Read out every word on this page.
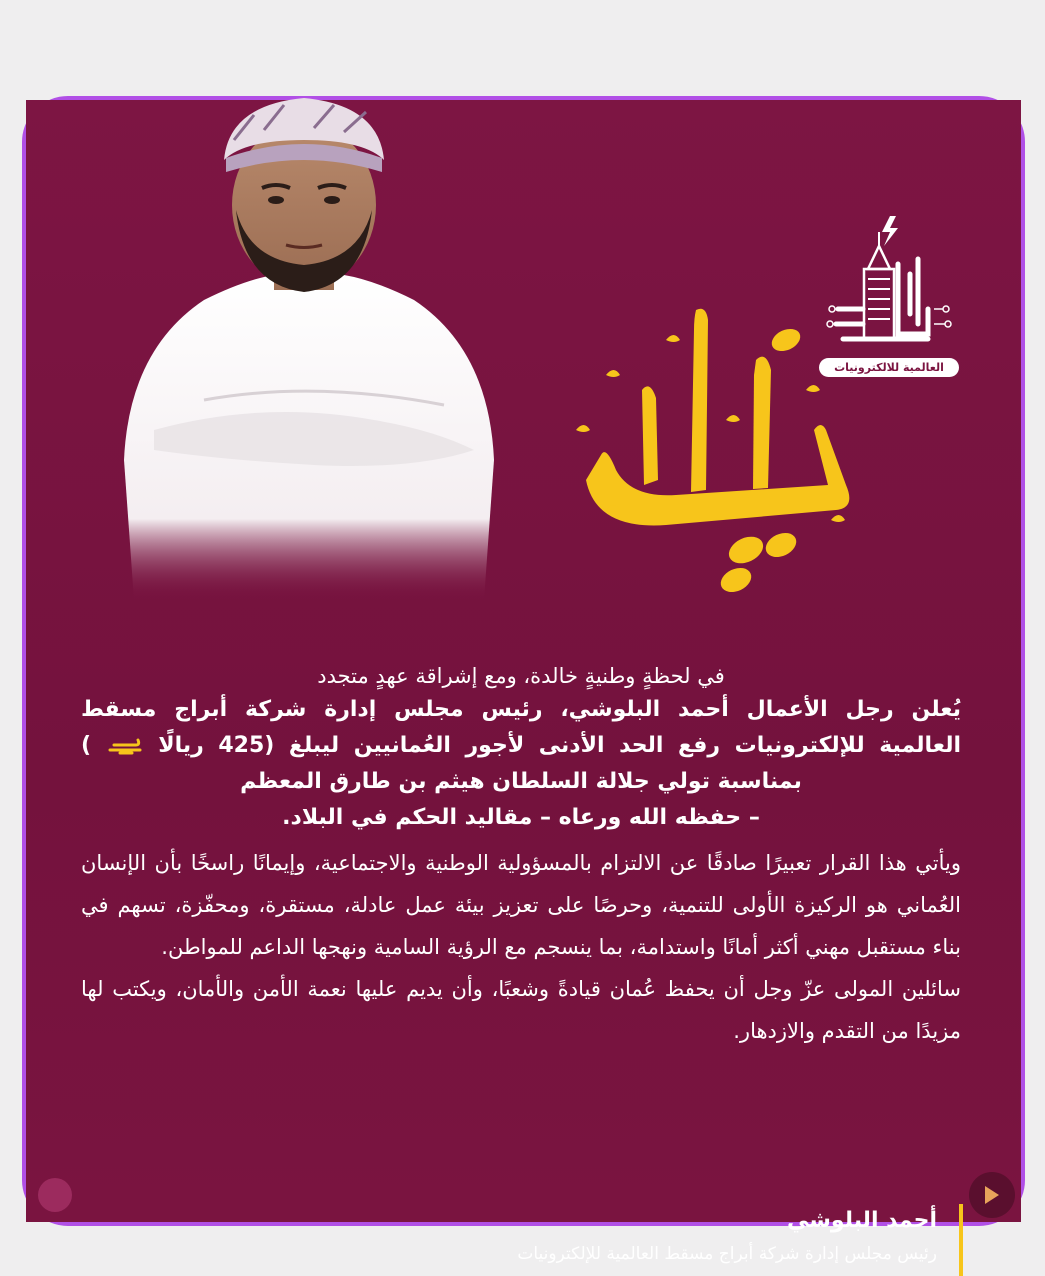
العالمية للالكترونيات
في لحظةٍ وطنيةٍ خالدة، ومع إشراقة عهدٍ متجدد
يُعلن رجل الأعمال أحمد البلوشي، رئيس مجلس إدارة شركة أبراج مسقط
العالمية للإلكترونيات رفع الحد الأدنى لأجور العُمانيين ليبلغ (425 ريالًا  )
بمناسبة تولي جلالة السلطان هيثم بن طارق المعظم
– حفظه الله ورعاه – مقاليد الحكم في البلاد.
ويأتي هذا القرار تعبيرًا صادقًا عن الالتزام بالمسؤولية الوطنية والاجتماعية، وإيمانًا راسخًا بأن الإنسان العُماني هو الركيزة الأولى للتنمية، وحرصًا على تعزيز بيئة عمل عادلة، مستقرة، ومحفّزة، تسهم في بناء مستقبل مهني أكثر أمانًا واستدامة، بما ينسجم مع الرؤية السامية ونهجها الداعم للمواطن.
سائلين المولى عزّ وجل أن يحفظ عُمان قيادةً وشعبًا، وأن يديم عليها نعمة الأمن والأمان، ويكتب لها مزيدًا من التقدم والازدهار.
أحمد البلوشي
رئيس مجلس إدارة شركة أبراج مسقط العالمية للإلكترونيات
